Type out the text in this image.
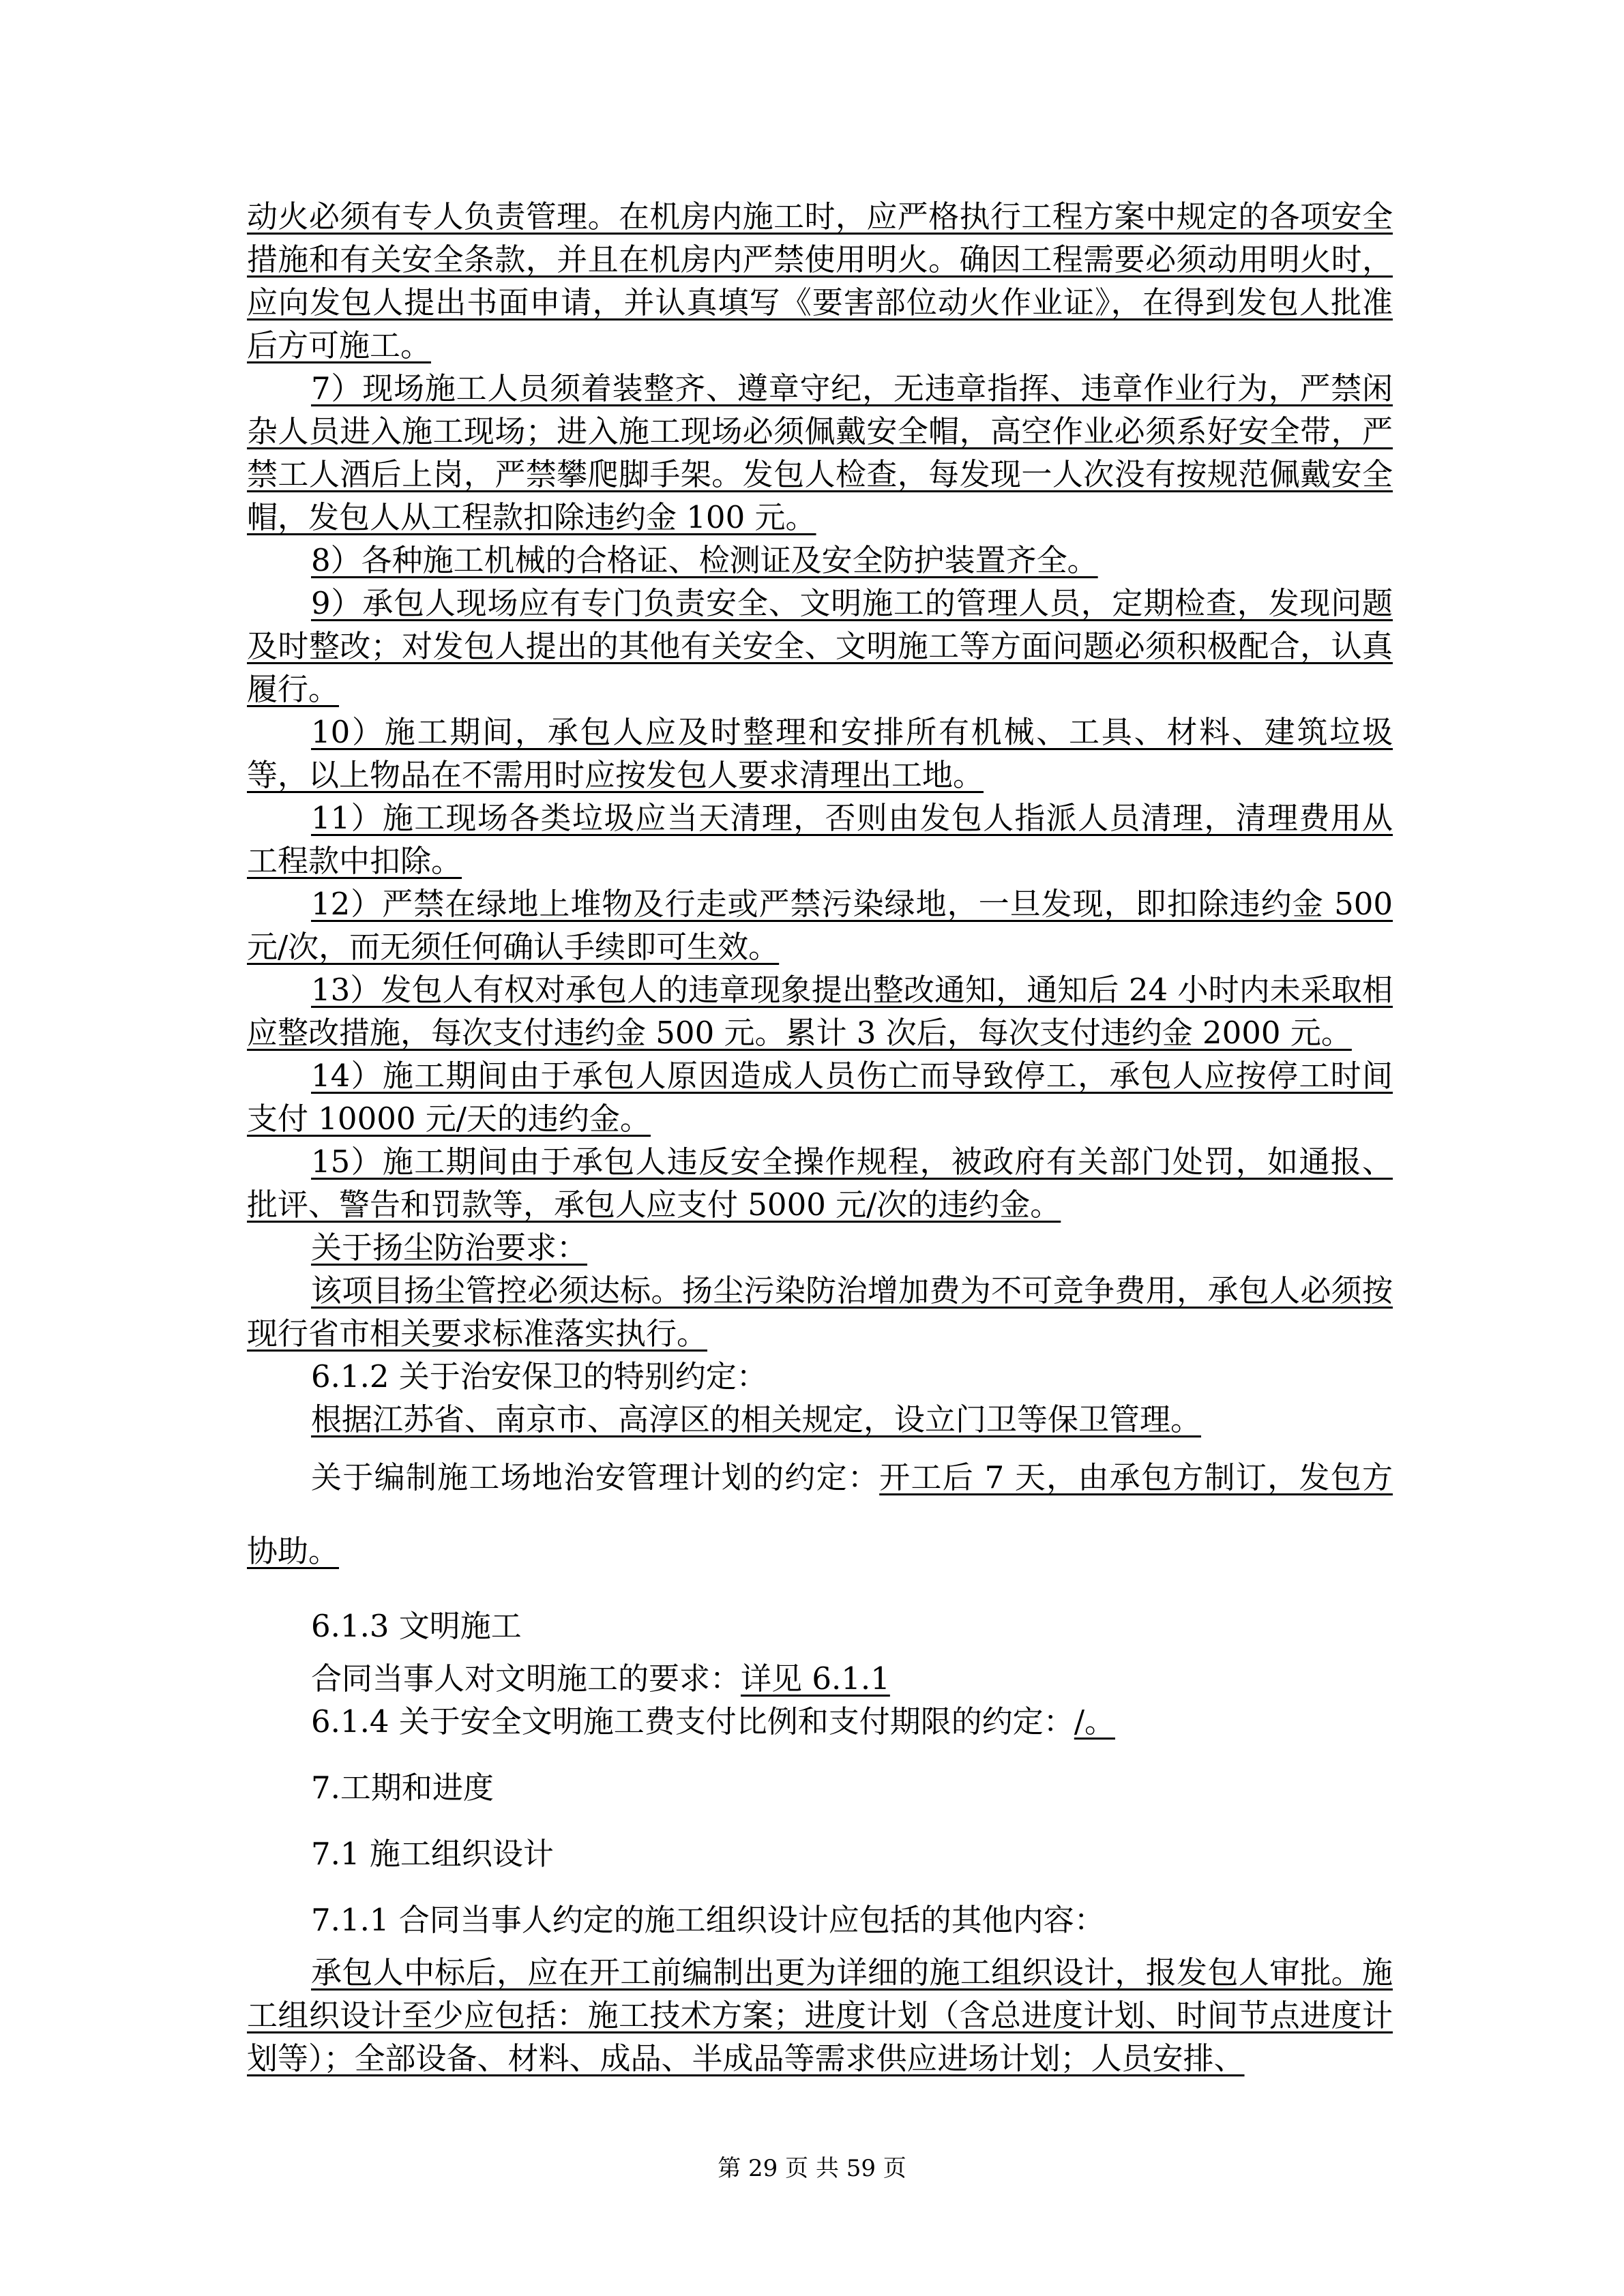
动火必须有专人负责管理。在机房内施工时，应严格执行工程方案中规定的各项安全措施和有关安全条款，并且在机房内严禁使用明火。确因工程需要必须动用明火时，应向发包人提出书面申请，并认真填写《要害部位动火作业证》，在得到发包人批准后方可施工。

7）现场施工人员须着装整齐、遵章守纪，无违章指挥、违章作业行为，严禁闲杂人员进入施工现场；进入施工现场必须佩戴安全帽，高空作业必须系好安全带，严禁工人酒后上岗，严禁攀爬脚手架。发包人检查，每发现一人次没有按规范佩戴安全帽，发包人从工程款扣除违约金 100 元。

8）各种施工机械的合格证、检测证及安全防护装置齐全。

9）承包人现场应有专门负责安全、文明施工的管理人员，定期检查，发现问题及时整改；对发包人提出的其他有关安全、文明施工等方面问题必须积极配合，认真履行。

10）施工期间，承包人应及时整理和安排所有机械、工具、材料、建筑垃圾等，以上物品在不需用时应按发包人要求清理出工地。

11）施工现场各类垃圾应当天清理，否则由发包人指派人员清理，清理费用从工程款中扣除。

12）严禁在绿地上堆物及行走或严禁污染绿地，一旦发现，即扣除违约金 500 元/次，而无须任何确认手续即可生效。

13）发包人有权对承包人的违章现象提出整改通知，通知后 24 小时内未采取相应整改措施，每次支付违约金 500 元。累计 3 次后，每次支付违约金 2000 元。

14）施工期间由于承包人原因造成人员伤亡而导致停工，承包人应按停工时间支付 10000 元/天的违约金。

15）施工期间由于承包人违反安全操作规程，被政府有关部门处罚，如通报、批评、警告和罚款等，承包人应支付 5000 元/次的违约金。

关于扬尘防治要求：

该项目扬尘管控必须达标。扬尘污染防治增加费为不可竞争费用，承包人必须按现行省市相关要求标准落实执行。

6.1.2 关于治安保卫的特别约定：

根据江苏省、南京市、高淳区的相关规定，设立门卫等保卫管理。

关于编制施工场地治安管理计划的约定：开工后 7 天，由承包方制订，发包方协助。

6.1.3 文明施工

合同当事人对文明施工的要求：详见 6.1.1

6.1.4 关于安全文明施工费支付比例和支付期限的约定：/。

7.工期和进度

7.1 施工组织设计

7.1.1 合同当事人约定的施工组织设计应包括的其他内容：

承包人中标后，应在开工前编制出更为详细的施工组织设计，报发包人审批。施工组织设计至少应包括：施工技术方案；进度计划（含总进度计划、时间节点进度计划等）；全部设备、材料、成品、半成品等需求供应进场计划；人员安排、

第 29 页 共 59 页
